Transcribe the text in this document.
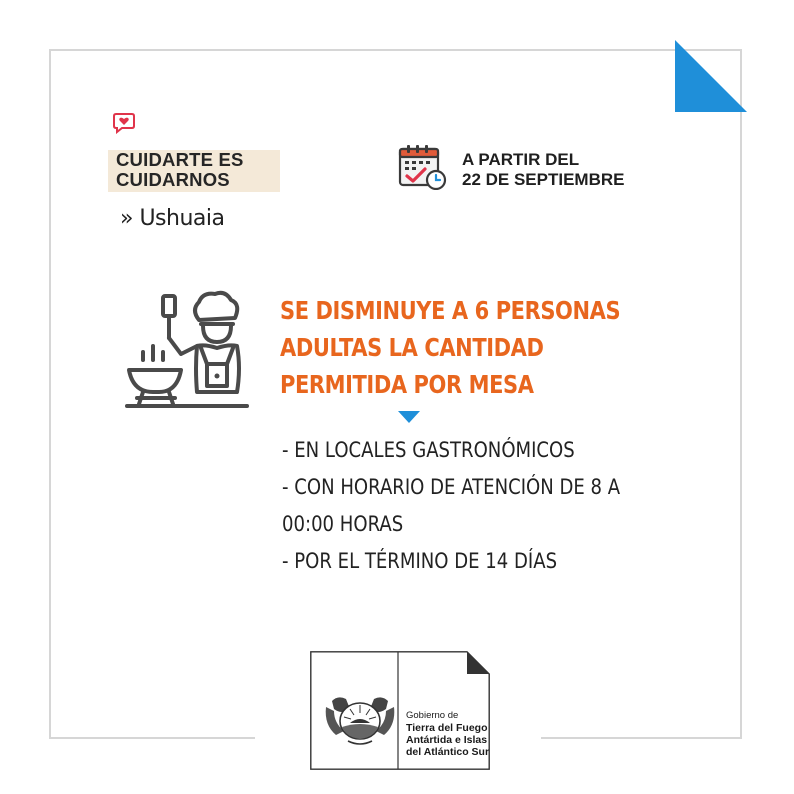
CUIDARTE ES
CUIDARNOS
» Ushuaia
A PARTIR DEL
22 DE SEPTIEMBRE
SE DISMINUYE A 6 PERSONAS
ADULTAS LA CANTIDAD
PERMITIDA POR MESA
- EN LOCALES GASTRONÓMICOS
- CON HORARIO DE ATENCIÓN DE 8 A
00:00 HORAS
- POR EL TÉRMINO DE 14 DÍAS
Gobierno de
Tierra del Fuego
Antártida e Islas
del Atlántico Sur
